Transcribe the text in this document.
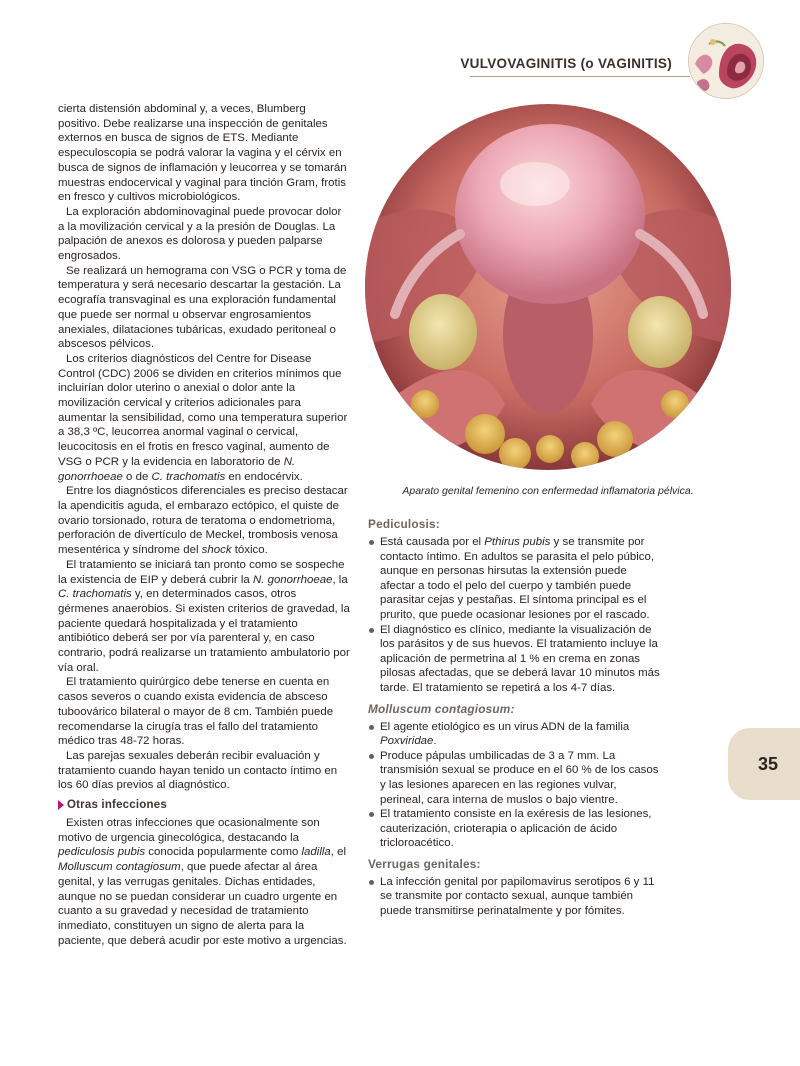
VULVOVAGINITIS (o VAGINITIS)

cierta distensión abdominal y, a veces, Blumberg positivo. Debe realizarse una inspección de genitales externos en busca de signos de ETS. Mediante especuloscopia se podrá valorar la vagina y el cérvix en busca de signos de inflamación y leucorrea y se tomarán muestras endocervical y vaginal para tinción Gram, frotis en fresco y cultivos microbiológicos.

La exploración abdominovaginal puede provocar dolor a la movilización cervical y a la presión de Douglas. La palpación de anexos es dolorosa y pueden palparse engrosados.

Se realizará un hemograma con VSG o PCR y toma de temperatura y será necesario descartar la gestación. La ecografía transvaginal es una exploración fundamental que puede ser normal u observar engrosamientos anexiales, dilataciones tubáricas, exudado peritoneal o abscesos pélvicos.

Los criterios diagnósticos del Centre for Disease Control (CDC) 2006 se dividen en criterios mínimos que incluirían dolor uterino o anexial o dolor ante la movilización cervical y criterios adicionales para aumentar la sensibilidad, como una temperatura superior a 38,3 ºC, leucorrea anormal vaginal o cervical, leucocitosis en el frotis en fresco vaginal, aumento de VSG o PCR y la evidencia en laboratorio de N. gonorrhoeae o de C. trachomatis en endocérvix.

Entre los diagnósticos diferenciales es preciso destacar la apendicitis aguda, el embarazo ectópico, el quiste de ovario torsionado, rotura de teratoma o endometrioma, perforación de divertículo de Meckel, trombosis venosa mesentérica y síndrome del shock tóxico.

El tratamiento se iniciará tan pronto como se sospeche la existencia de EIP y deberá cubrir la N. gonorrhoeae, la C. trachomatis y, en determinados casos, otros gérmenes anaerobios. Si existen criterios de gravedad, la paciente quedará hospitalizada y el tratamiento antibiótico deberá ser por vía parenteral y, en caso contrario, podrá realizarse un tratamiento ambulatorio por vía oral.

El tratamiento quirúrgico debe tenerse en cuenta en casos severos o cuando exista evidencia de absceso tuboovárico bilateral o mayor de 8 cm. También puede recomendarse la cirugía tras el fallo del tratamiento médico tras 48-72 horas.

Las parejas sexuales deberán recibir evaluación y tratamiento cuando hayan tenido un contacto íntimo en los 60 días previos al diagnóstico.

Otras infecciones

Existen otras infecciones que ocasionalmente son motivo de urgencia ginecológica, destacando la pediculosis pubis conocida popularmente como ladilla, el Molluscum contagiosum, que puede afectar al área genital, y las verrugas genitales. Dichas entidades, aunque no se puedan considerar un cuadro urgente en cuanto a su gravedad y necesidad de tratamiento inmediato, constituyen un signo de alerta para la paciente, que deberá acudir por este motivo a urgencias.

Aparato genital femenino con enfermedad inflamatoria pélvica.
Pediculosis:
Está causada por el Pthirus pubis y se transmite por contacto íntimo. En adultos se parasita el pelo púbico, aunque en personas hirsutas la extensión puede afectar a todo el pelo del cuerpo y también puede parasitar cejas y pestañas. El síntoma principal es el prurito, que puede ocasionar lesiones por el rascado.
El diagnóstico es clínico, mediante la visualización de los parásitos y de sus huevos. El tratamiento incluye la aplicación de permetrina al 1 % en crema en zonas pilosas afectadas, que se deberá lavar 10 minutos más tarde. El tratamiento se repetirá a los 4-7 días.
Molluscum contagiosum:
El agente etiológico es un virus ADN de la familia Poxviridae.
Produce pápulas umbilicadas de 3 a 7 mm. La transmisión sexual se produce en el 60 % de los casos y las lesiones aparecen en las regiones vulvar, perineal, cara interna de muslos o bajo vientre.
El tratamiento consiste en la exéresis de las lesiones, cauterización, crioterapia o aplicación de ácido tricloroacético.
Verrugas genitales:
La infección genital por papilomavirus serotipos 6 y 11 se transmite por contacto sexual, aunque también puede transmitirse perinatalmente y por fómites.
35
